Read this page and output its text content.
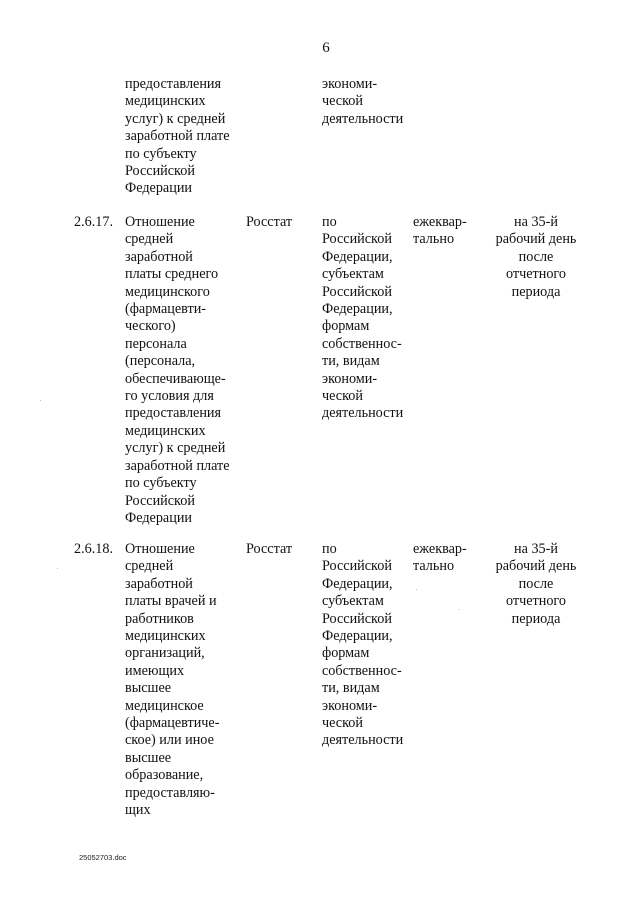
6

предоставления
медицинских
услуг) к средней
заработной плате
по субъекту
Российской
Федерации

экономи-
ческой
деятельности

2.6.17. Отношение
средней
заработной
платы среднего
медицинского
(фармацевти-
ческого)
персонала
(персонала,
обеспечивающе-
го условия для
предоставления
медицинских
услуг) к средней
заработной плате
по субъекту
Российской
Федерации

Росстат по
Российской
Федерации,
субъектам
Российской
Федерации,
формам
собственнос-
ти, видам
экономи-
ческой
деятельности

ежеквар-
тально

на 35-й
рабочий день
после
отчетного
периода

2.6.18. Отношение
средней
заработной
платы врачей и
работников
медицинских
организаций,
имеющих
высшее
медицинское
(фармацевтиче-
ское) или иное
высшее
образование,
предоставляю-
щих

Росстат по
Российской
Федерации,
субъектам
Российской
Федерации,
формам
собственнос-
ти, видам
экономи-
ческой
деятельности

ежеквар-
тально

на 35-й
рабочий день
после
отчетного
периода

25052703.doc
